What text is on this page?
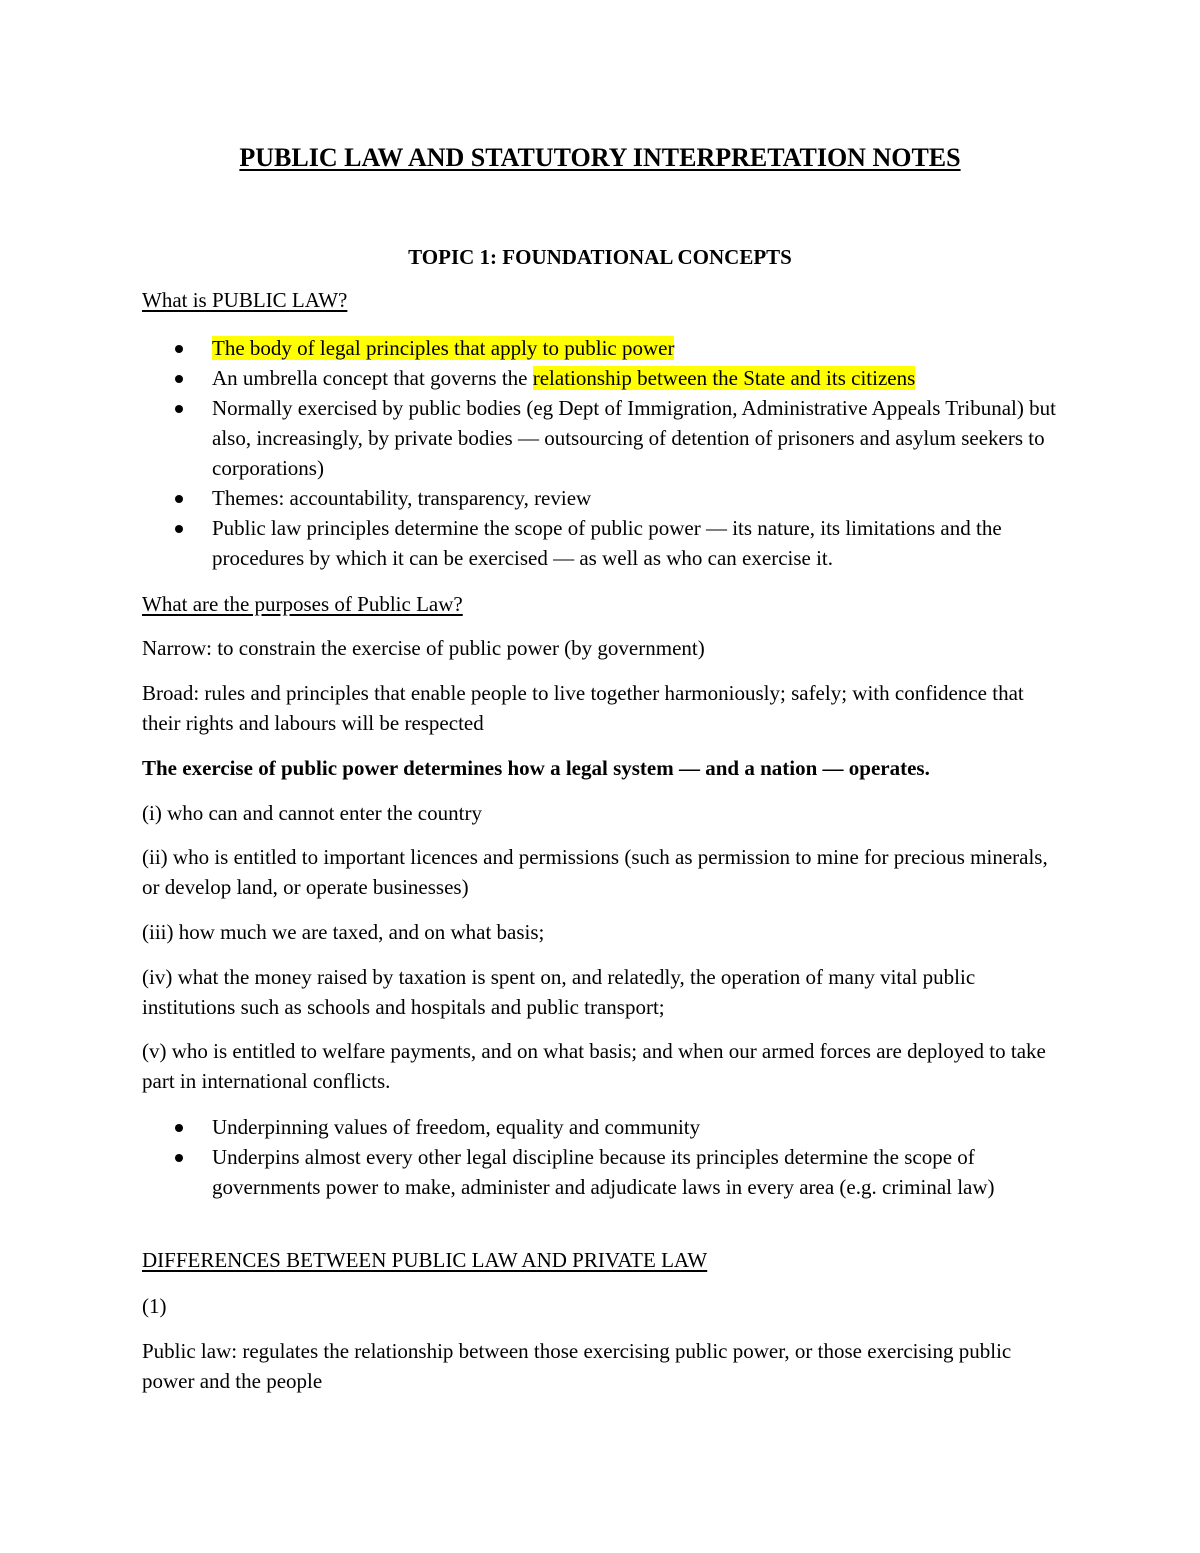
PUBLIC LAW AND STATUTORY INTERPRETATION NOTES
TOPIC 1: FOUNDATIONAL CONCEPTS

What is PUBLIC LAW?

The body of legal principles that apply to public power
An umbrella concept that governs the relationship between the State and its citizens
Normally exercised by public bodies (eg Dept of Immigration, Administrative Appeals Tribunal) but also, increasingly, by private bodies — outsourcing of detention of prisoners and asylum seekers to corporations)
Themes: accountability, transparency, review
Public law principles determine the scope of public power — its nature, its limitations and the procedures by which it can be exercised — as well as who can exercise it.

What are the purposes of Public Law?

Narrow: to constrain the exercise of public power (by government)

Broad: rules and principles that enable people to live together harmoniously; safely; with confidence that their rights and labours will be respected

The exercise of public power determines how a legal system — and a nation — operates.

(i) who can and cannot enter the country

(ii) who is entitled to important licences and permissions (such as permission to mine for precious minerals, or develop land, or operate businesses)

(iii) how much we are taxed, and on what basis;

(iv) what the money raised by taxation is spent on, and relatedly, the operation of many vital public institutions such as schools and hospitals and public transport;

(v) who is entitled to welfare payments, and on what basis; and when our armed forces are deployed to take part in international conflicts.

Underpinning values of freedom, equality and community
Underpins almost every other legal discipline because its principles determine the scope of governments power to make, administer and adjudicate laws in every area (e.g. criminal law)

DIFFERENCES BETWEEN PUBLIC LAW AND PRIVATE LAW

(1)

Public law: regulates the relationship between those exercising public power, or those exercising public power and the people
